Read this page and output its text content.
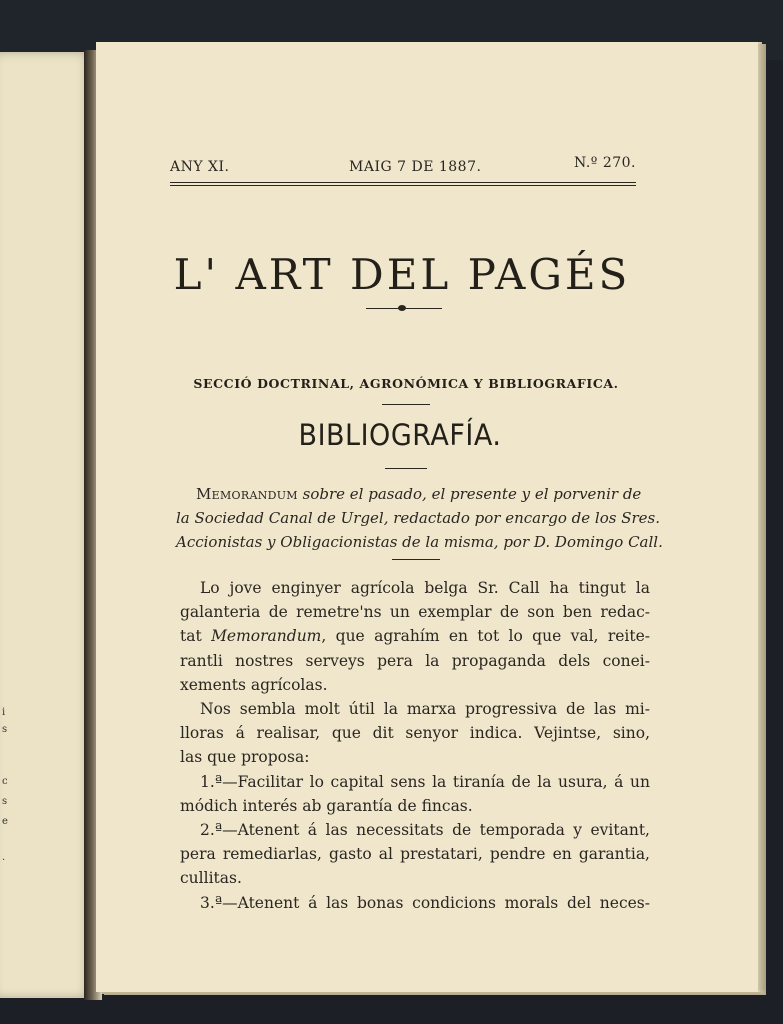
i
s
c
s
e
.
ANY XI.	MAIG 7 DE 1887.	N.º 270.
L' ART DEL PAGÉS
SECCIÓ DOCTRINAL, AGRONÓMICA Y BIBLIOGRAFICA.
BIBLIOGRAFÍA.
Memorandum sobre el pasado, el presente y el porvenir de
la Sociedad Canal de Urgel, redactado por encargo de los Sres.
Accionistas y Obligacionistas de la misma, por D. Domingo Call.
Lo jove enginyer agrícola belga Sr. Call ha tingut la
galanteria de remetre'ns un exemplar de son ben redac-
tat Memorandum, que agrahím en tot lo que val, reite-
rantli nostres serveys pera la propaganda dels conei-
xements agrícolas.
Nos sembla molt útil la marxa progressiva de las mi-
lloras á realisar, que dit senyor indica. Vejintse, sino,
las que proposa:
1.ª—Facilitar lo capital sens la tiranía de la usura, á un
módich interés ab garantía de fincas.
2.ª—Atenent á las necessitats de temporada y evitant,
pera remediarlas, gasto al prestatari, pendre en garantia,
cullitas.
3.ª—Atenent á las bonas condicions morals del neces-
